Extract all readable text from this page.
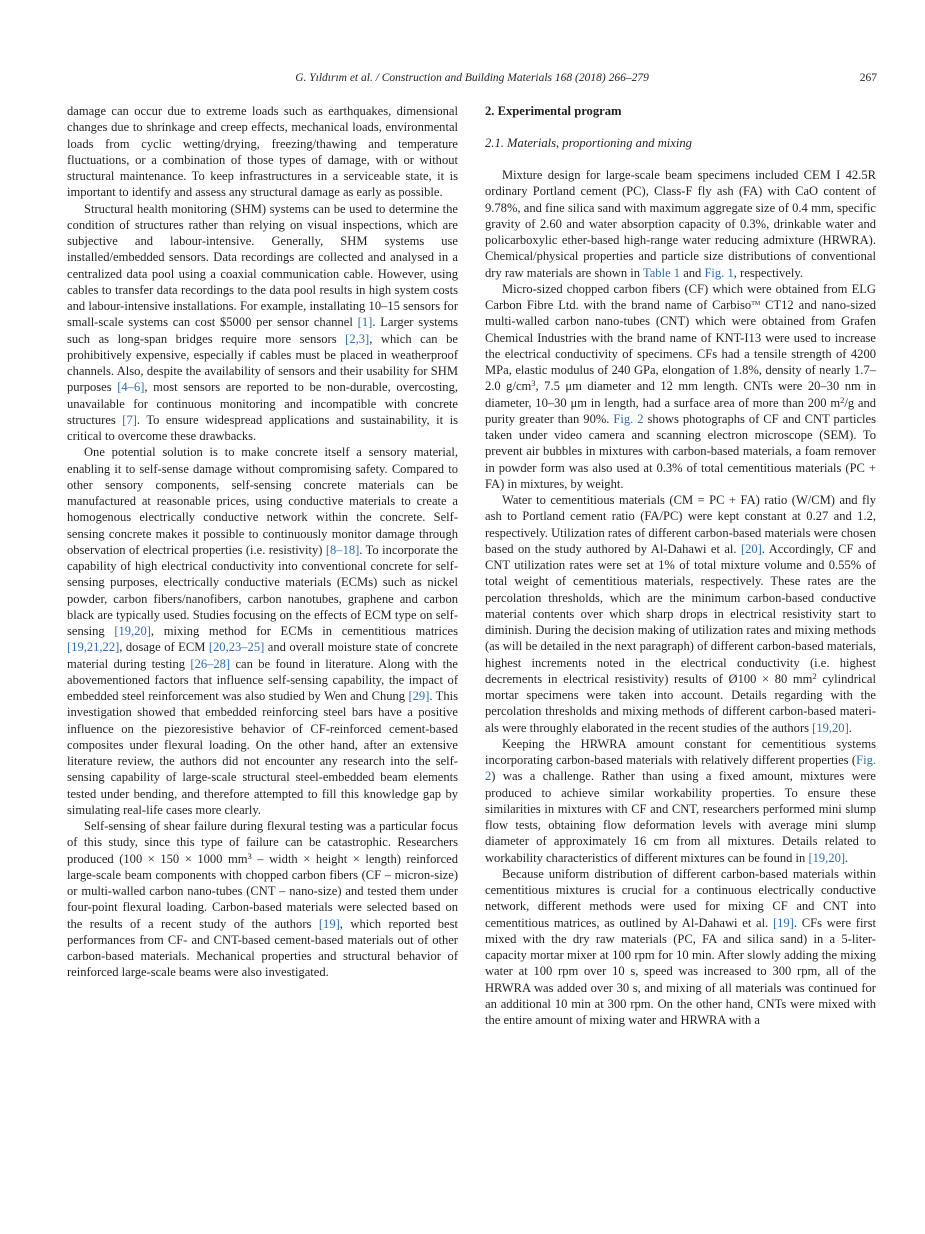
G. Yıldırım et al. / Construction and Building Materials 168 (2018) 266–279	267

damage can occur due to extreme loads such as earthquakes, dimensional changes due to shrinkage and creep effects, mechanical loads, environmental loads from cyclic wetting/drying, freezing/thawing and temperature fluctuations, or a combination of those types of damage, with or without structural maintenance. To keep infrastructures in a serviceable state, it is important to identify and assess any structural damage as early as possible.

Structural health monitoring (SHM) systems can be used to determine the condition of structures rather than relying on visual inspections, which are subjective and labour-intensive. Generally, SHM systems use installed/embedded sensors. Data recordings are collected and analysed in a centralized data pool using a coaxial communication cable. However, using cables to transfer data recordings to the data pool results in high system costs and labour-intensive installations. For example, installating 10–15 sensors for small-scale systems can cost $5000 per sensor channel [1]. Larger systems such as long-span bridges require more sensors [2,3], which can be prohibitively expensive, especially if cables must be placed in weatherproof channels. Also, despite the availability of sensors and their usability for SHM purposes [4–6], most sensors are reported to be non-durable, overcosting, unavailable for continuous monitoring and incompatible with concrete structures [7]. To ensure widespread applications and sustainability, it is critical to overcome these drawbacks.

One potential solution is to make concrete itself a sensory material, enabling it to self-sense damage without compromising safety. Compared to other sensory components, self-sensing concrete materials can be manufactured at reasonable prices, using conductive materials to create a homogenous electrically conductive network within the concrete. Self-sensing concrete makes it possible to continuously monitor damage through observation of electrical properties (i.e. resistivity) [8–18]. To incorporate the capability of high electrical conductivity into conventional concrete for self-sensing purposes, electrically conductive materials (ECMs) such as nickel powder, carbon fibers/nanofibers, carbon nanotubes, graphene and carbon black are typically used. Studies focusing on the effects of ECM type on self-sensing [19,20], mixing method for ECMs in cementitious matrices [19,21,22], dosage of ECM [20,23–25] and overall moisture state of concrete material during testing [26–28] can be found in literature. Along with the abovementioned factors that influence self-sensing capability, the impact of embedded steel reinforcement was also studied by Wen and Chung [29]. This investigation showed that embedded reinforcing steel bars have a positive influence on the piezoresistive behavior of CF-reinforced cement-based composites under flexural loading. On the other hand, after an extensive literature review, the authors did not encounter any research into the self-sensing capability of large-scale structural steel-embedded beam elements tested under bending, and therefore attempted to fill this knowledge gap by simulating real-life cases more clearly.

Self-sensing of shear failure during flexural testing was a particular focus of this study, since this type of failure can be catastrophic. Researchers produced (100 × 150 × 1000 $mm^3$ – width × height × length) reinforced large-scale beam components with chopped carbon fibers (CF – micron-size) or multi-walled carbon nano-tubes (CNT – nano-size) and tested them under four-point flexural loading. Carbon-based materials were selected based on the results of a recent study of the authors [19], which reported best performances from CF- and CNT-based cement-based materials out of other carbon-based materials. Mechanical properties and structural behavior of reinforced large-scale beams were also investigated.

2. Experimental program
2.1. Materials, proportioning and mixing

Mixture design for large-scale beam specimens included CEM I 42.5R ordinary Portland cement (PC), Class-F fly ash (FA) with CaO content of 9.78%, and fine silica sand with maximum aggregate size of 0.4 mm, specific gravity of 2.60 and water absorption capacity of 0.3%, drinkable water and policarboxylic ether-based high-range water reducing admixture (HRWRA). Chemical/physical properties and particle size distributions of conventional dry raw materials are shown in Table 1 and Fig. 1, respectively.

Micro-sized chopped carbon fibers (CF) which were obtained from ELG Carbon Fibre Ltd. with the brand name of Carbiso™ CT12 and nano-sized multi-walled carbon nano-tubes (CNT) which were obtained from Grafen Chemical Industries with the brand name of KNT-I13 were used to increase the electrical conductivity of specimens. CFs had a tensile strength of 4200 MPa, elastic modulus of 240 GPa, elongation of 1.8%, density of nearly 1.7–2.0 $g/cm^3$, 7.5 μm diameter and 12 mm length. CNTs were 20–30 nm in diameter, 10–30 μm in length, had a surface area of more than 200 $m^2/g$ and purity greater than 90%. Fig. 2 shows photographs of CF and CNT particles taken under video camera and scanning electron microscope (SEM). To prevent air bubbles in mixtures with carbon-based materials, a foam remover in powder form was also used at 0.3% of total cementitious materials (PC + FA) in mixtures, by weight.

Water to cementitious materials (CM = PC + FA) ratio (W/CM) and fly ash to Portland cement ratio (FA/PC) were kept constant at 0.27 and 1.2, respectively. Utilization rates of different carbon-based materials were chosen based on the study authored by Al-Dahawi et al. [20]. Accordingly, CF and CNT utilization rates were set at 1% of total mixture volume and 0.55% of total weight of cementitious materials, respectively. These rates are the percolation thresholds, which are the minimum carbon-based conductive material contents over which sharp drops in electrical resistivity start to diminish. During the decision making of utilization rates and mixing methods (as will be detailed in the next paragraph) of different carbon-based materials, highest increments noted in the electrical conductivity (i.e. highest decrements in electrical resistivity) results of Ø100 × 80 $mm^2$ cylindrical mortar specimens were taken into account. Details regarding with the percolation thresholds and mixing methods of different carbon-based materials were throughly elaborated in the recent studies of the authors [19,20].

Keeping the HRWRA amount constant for cementitious systems incorporating carbon-based materials with relatively different properties (Fig. 2) was a challenge. Rather than using a fixed amount, mixtures were produced to achieve similar workability properties. To ensure these similarities in mixtures with CF and CNT, researchers performed mini slump flow tests, obtaining flow deformation levels with average mini slump diameter of approximately 16 cm from all mixtures. Details related to workability characteristics of different mixtures can be found in [19,20].

Because uniform distribution of different carbon-based materials within cementitious mixtures is crucial for a continuous electrically conductive network, different methods were used for mixing CF and CNT into cementitious matrices, as outlined by Al-Dahawi et al. [19]. CFs were first mixed with the dry raw materials (PC, FA and silica sand) in a 5-liter-capacity mortar mixer at 100 rpm for 10 min. After slowly adding the mixing water at 100 rpm over 10 s, speed was increased to 300 rpm, all of the HRWRA was added over 30 s, and mixing of all materials was continued for an additional 10 min at 300 rpm. On the other hand, CNTs were mixed with the entire amount of mixing water and HRWRA with a
